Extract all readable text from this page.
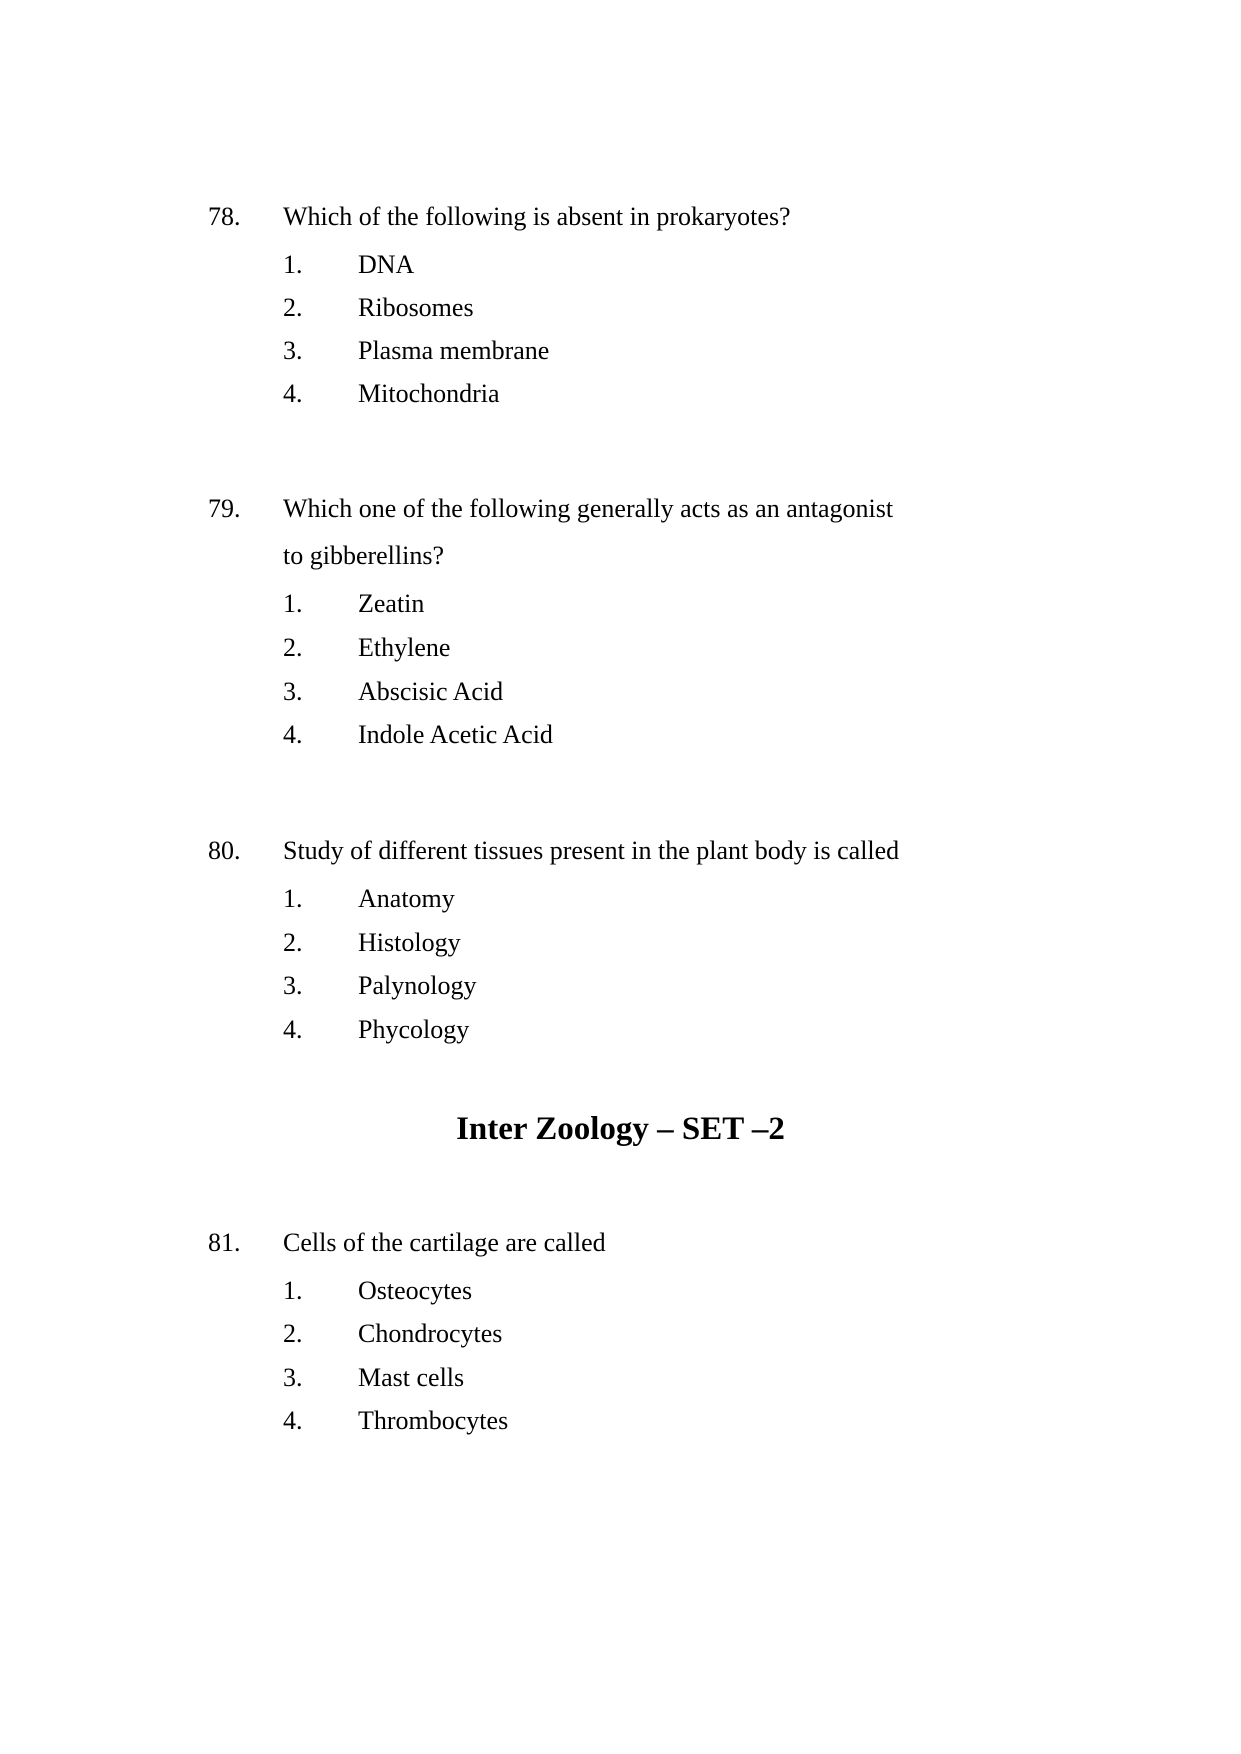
78. Which of the following is absent in prokaryotes?
1. DNA
2. Ribosomes
3. Plasma membrane
4. Mitochondria
79. Which one of the following generally acts as an antagonist
to gibberellins?
1. Zeatin
2. Ethylene
3. Abscisic Acid
4. Indole Acetic Acid
80. Study of different tissues present in the plant body is called
1. Anatomy
2. Histology
3. Palynology
4. Phycology
Inter Zoology – SET –2
81. Cells of the cartilage are called
1. Osteocytes
2. Chondrocytes
3. Mast cells
4. Thrombocytes
